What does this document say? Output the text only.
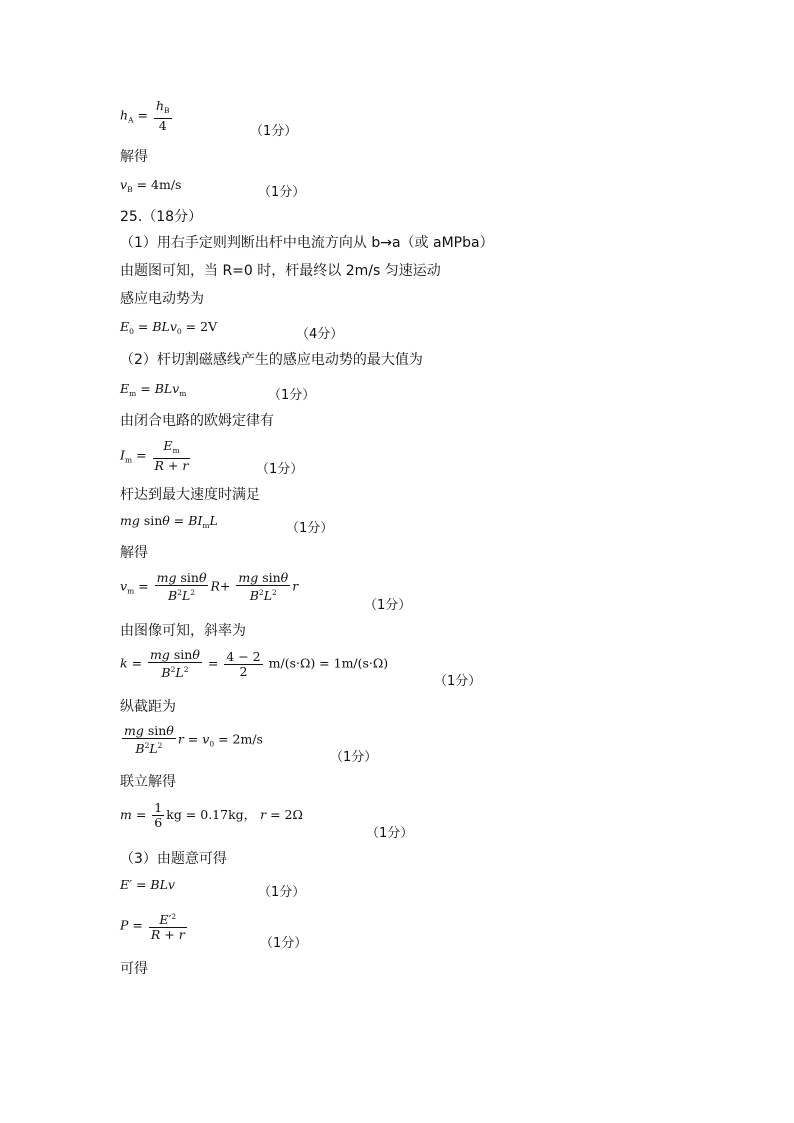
$h_A = \frac{h_B}{4}$	（1分）
解得
$v_B = 4m/s$
（1分）
25.（18分）
（1）用右手定则判断出杆中电流方向从 b→a（或 aMPba）
由题图可知，当 R=0 时，杆最终以 2m/s 匀速运动
感应电动势为
$E_0 = BLv_0 = 2V$
（4分）
（2）杆切割磁感线产生的感应电动势的最大值为
$E_m = BLv_m$	（1分）
由闭合电路的欧姆定律有
$I_m = \frac{E_m}{R + r}$	（1分）
杆达到最大速度时满足
mg $\sin\theta = BI_mL$
（1分）
解得
$v_m = \frac{\text{mg sinθ}}{B^2L^2} R+ \frac{\text{mg sinθ}}{B^2L^2}$ r
（1分）
由图像可知，斜率为
$k = \frac{\text{mg sinθ}}{B^2L^2} = \frac{4 - 2}{2} m/(s\cdot\Omega) = 1m/(s\cdot\Omega)$
（1分）
纵截距为
$\frac{\text{mg sinθ}}{B^2L^2}$ $r = v_0 = 2m/s$
（1分）
联立解得
$m = \frac{1}{6}$ kg = 0.17kg， r = 2Ω
（1分）
（3）由题意可得
E′ = BLv
（1分）
$P = \frac{E'^2}{R + r}$
（1分）
可得
